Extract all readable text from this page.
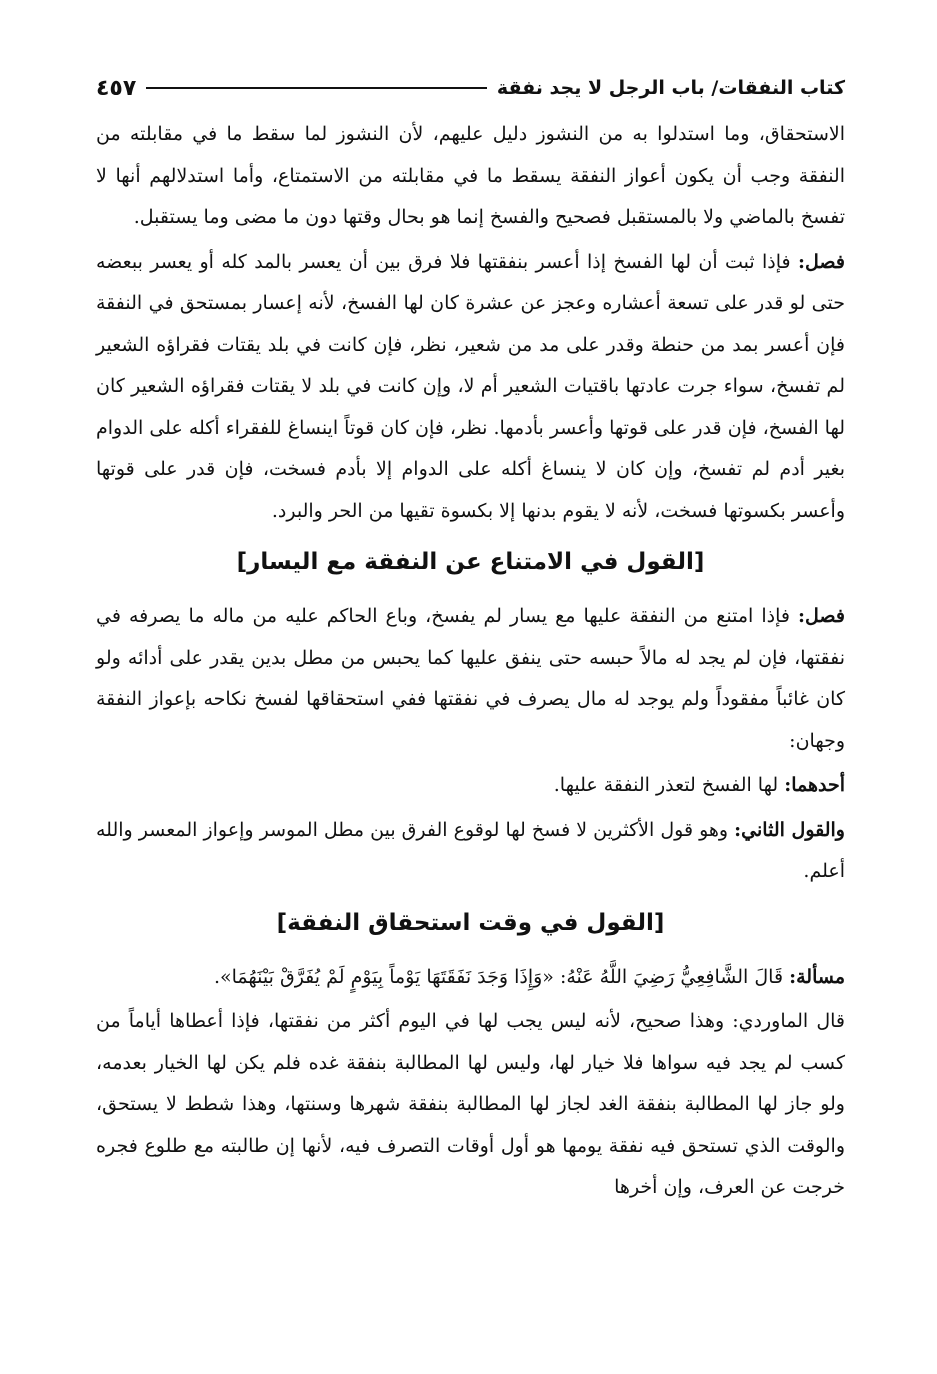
كتاب النفقات/ باب الرجل لا يجد نفقة
٤٥٧

الاستحقاق، وما استدلوا به من النشوز دليل عليهم، لأن النشوز لما سقط ما في مقابلته من النفقة وجب أن يكون أعواز النفقة يسقط ما في مقابلته من الاستمتاع، وأما استدلالهم أنها لا تفسخ بالماضي ولا بالمستقبل فصحيح والفسخ إنما هو بحال وقتها دون ما مضى وما يستقبل.

فصل: فإذا ثبت أن لها الفسخ إذا أعسر بنفقتها فلا فرق بين أن يعسر بالمد كله أو يعسر ببعضه حتى لو قدر على تسعة أعشاره وعجز عن عشرة كان لها الفسخ، لأنه إعسار بمستحق في النفقة فإن أعسر بمد من حنطة وقدر على مد من شعير، نظر، فإن كانت في بلد يقتات فقراؤه الشعير لم تفسخ، سواء جرت عادتها باقتيات الشعير أم لا، وإن كانت في بلد لا يقتات فقراؤه الشعير كان لها الفسخ، فإن قدر على قوتها وأعسر بأدمها. نظر، فإن كان قوتاً اينساغ للفقراء أكله على الدوام بغير أدم لم تفسخ، وإن كان لا ينساغ أكله على الدوام إلا بأدم فسخت، فإن قدر على قوتها وأعسر بكسوتها فسخت، لأنه لا يقوم بدنها إلا بكسوة تقيها من الحر والبرد.

[القول في الامتناع عن النفقة مع اليسار]

فصل: فإذا امتنع من النفقة عليها مع يسار لم يفسخ، وباع الحاكم عليه من ماله ما يصرفه في نفقتها، فإن لم يجد له مالاً حبسه حتى ينفق عليها كما يحبس من مطل بدين يقدر على أدائه ولو كان غائباً مفقوداً ولم يوجد له مال يصرف في نفقتها ففي استحقاقها لفسخ نكاحه بإعواز النفقة وجهان:

أحدهما: لها الفسخ لتعذر النفقة عليها.

والقول الثاني: وهو قول الأكثرين لا فسخ لها لوقوع الفرق بين مطل الموسر وإعواز المعسر والله أعلم.

[القول في وقت استحقاق النفقة]

مسألة: قَالَ الشَّافِعِيُّ رَضِيَ اللَّهُ عَنْهُ: «وَإِذَا وَجَدَ نَفَقَتَهَا يَوْماً بِيَوْمٍ لَمْ يُفَرَّقْ بَيْنَهُمَا».

قال الماوردي: وهذا صحيح، لأنه ليس يجب لها في اليوم أكثر من نفقتها، فإذا أعطاها أياماً من كسب لم يجد فيه سواها فلا خيار لها، وليس لها المطالبة بنفقة غده فلم يكن لها الخيار بعدمه، ولو جاز لها المطالبة بنفقة الغد لجاز لها المطالبة بنفقة شهرها وسنتها، وهذا شطط لا يستحق، والوقت الذي تستحق فيه نفقة يومها هو أول أوقات التصرف فيه، لأنها إن طالبته مع طلوع فجره خرجت عن العرف، وإن أخرها
